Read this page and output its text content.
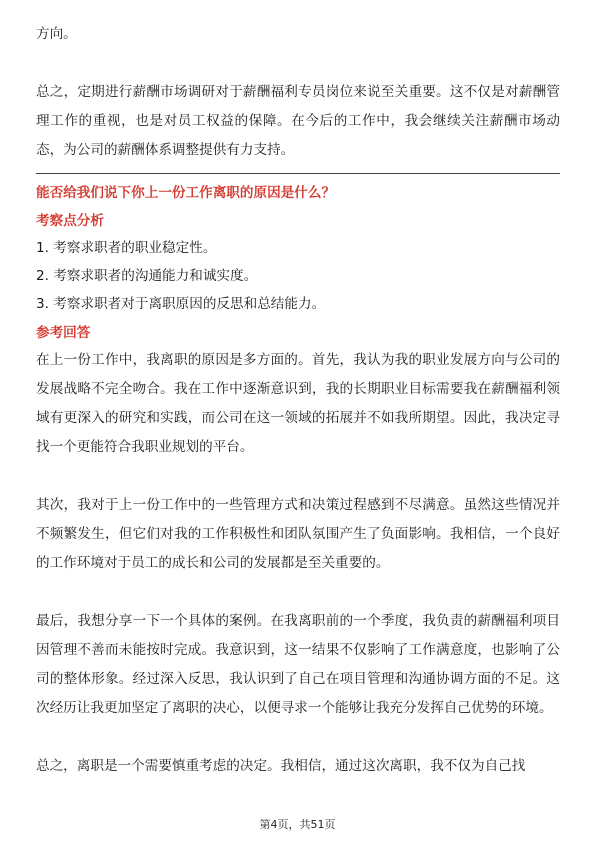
方向。

总之，定期进行薪酬市场调研对于薪酬福利专员岗位来说至关重要。这不仅是对薪酬管理工作的重视，也是对员工权益的保障。在今后的工作中，我会继续关注薪酬市场动态，为公司的薪酬体系调整提供有力支持。

能否给我们说下你上一份工作离职的原因是什么？
考察点分析
1. 考察求职者的职业稳定性。
2. 考察求职者的沟通能力和诚实度。
3. 考察求职者对于离职原因的反思和总结能力。
参考回答

在上一份工作中，我离职的原因是多方面的。首先，我认为我的职业发展方向与公司的发展战略不完全吻合。我在工作中逐渐意识到，我的长期职业目标需要我在薪酬福利领域有更深入的研究和实践，而公司在这一领域的拓展并不如我所期望。因此，我决定寻找一个更能符合我职业规划的平台。

其次，我对于上一份工作中的一些管理方式和决策过程感到不尽满意。虽然这些情况并不频繁发生，但它们对我的工作积极性和团队氛围产生了负面影响。我相信，一个良好的工作环境对于员工的成长和公司的发展都是至关重要的。

最后，我想分享一下一个具体的案例。在我离职前的一个季度，我负责的薪酬福利项目因管理不善而未能按时完成。我意识到，这一结果不仅影响了工作满意度，也影响了公司的整体形象。经过深入反思，我认识到了自己在项目管理和沟通协调方面的不足。这次经历让我更加坚定了离职的决心，以便寻求一个能够让我充分发挥自己优势的环境。

总之，离职是一个需要慎重考虑的决定。我相信，通过这次离职，我不仅为自己找

第4页，共51页
